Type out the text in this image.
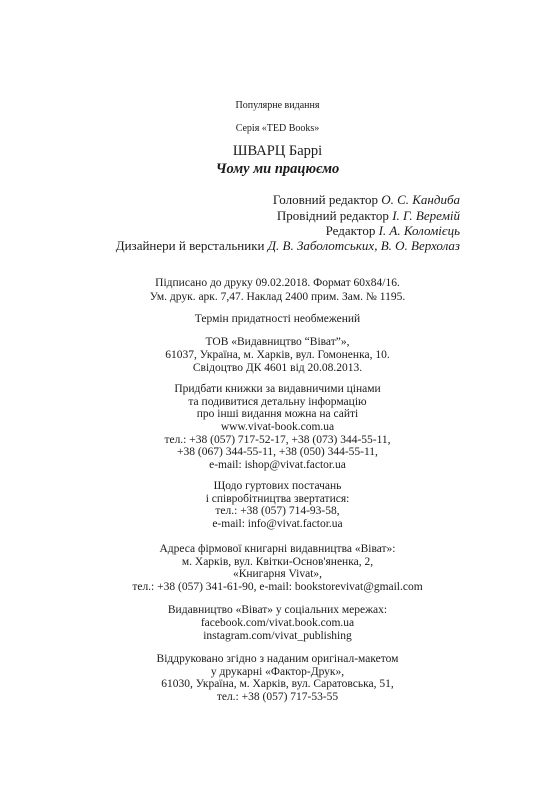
Популярне видання
Серія «TED Books»
ШВАРЦ Баррі
Чому ми працюємо
Головний редактор О. С. Кандиба
Провідний редактор І. Г. Веремій
Редактор І. А. Коломієць
Дизайнери й верстальники Д. В. Заболотських, В. О. Верхолаз
Підписано до друку 09.02.2018. Формат 60х84/16.
Ум. друк. арк. 7,47. Наклад 2400 прим. Зам. № 1195.
Термін придатності необмежений
ТОВ «Видавництво “Віват”»,
61037, Україна, м. Харків, вул. Гомоненка, 10.
Свідоцтво ДК 4601 від 20.08.2013.
Придбати книжки за видавничими цінами
та подивитися детальну інформацію
про інші видання можна на сайті
www.vivat-book.com.ua
тел.: +38 (057) 717-52-17, +38 (073) 344-55-11,
+38 (067) 344-55-11, +38 (050) 344-55-11,
e-mail: ishop@vivat.factor.ua
Щодо гуртових постачань
і співробітництва звертатися:
тел.: +38 (057) 714-93-58,
e-mail: info@vivat.factor.ua
Адреса фірмової книгарні видавництва «Віват»:
м. Харків, вул. Квітки-Основ'яненка, 2,
«Книгарня Vivat»,
тел.: +38 (057) 341-61-90, e-mail: bookstorevivat@gmail.com
Видавництво «Віват» у соціальних мережах:
facebook.com/vivat.book.com.ua
instagram.com/vivat_publishing
Віддруковано згідно з наданим оригінал-макетом
у друкарні «Фактор-Друк»,
61030, Україна, м. Харків, вул. Саратовська, 51,
тел.: +38 (057) 717-53-55
